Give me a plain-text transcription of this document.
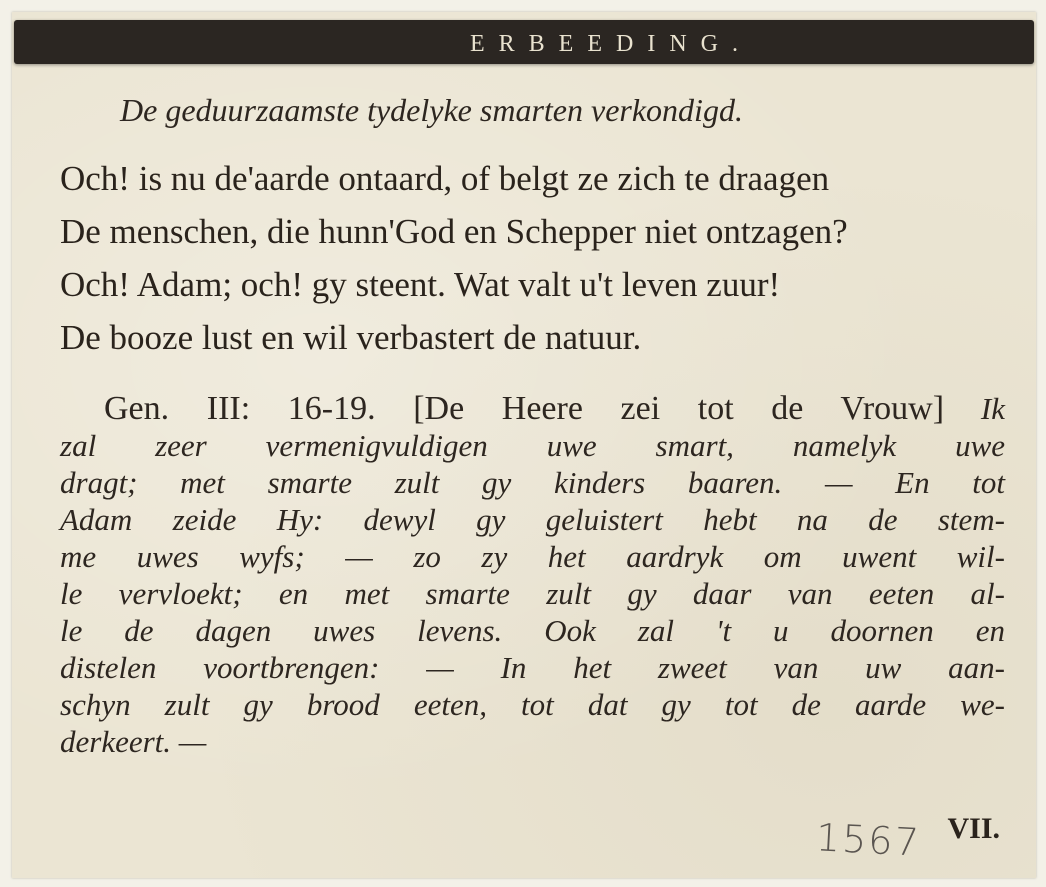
ERBEEDING.
De geduurzaamste tydelyke smarten verkondigd.
Och! is nu de'aarde ontaard, of belgt ze zich te draagen
De menschen, die hunn'God en Schepper niet ontzagen?
Och! Adam; och! gy steent. Wat valt u't leven zuur!
De booze lust en wil verbastert de natuur.
Gen. III: 16-19. [De Heere zei tot de Vrouw] Ik
zal zeer vermenigvuldigen uwe smart, namelyk uwe
dragt; met smarte zult gy kinders baaren. — En tot
Adam zeide Hy: dewyl gy geluistert hebt na de stem-
me uwes wyfs; — zo zy het aardryk om uwent wil-
le vervloekt; en met smarte zult gy daar van eeten al-
le de dagen uwes levens. Ook zal 't u doornen en
distelen voortbrengen: — In het zweet van uw aan-
schyn zult gy brood eeten, tot dat gy tot de aarde we-
derkeert. —
1567 VII.
